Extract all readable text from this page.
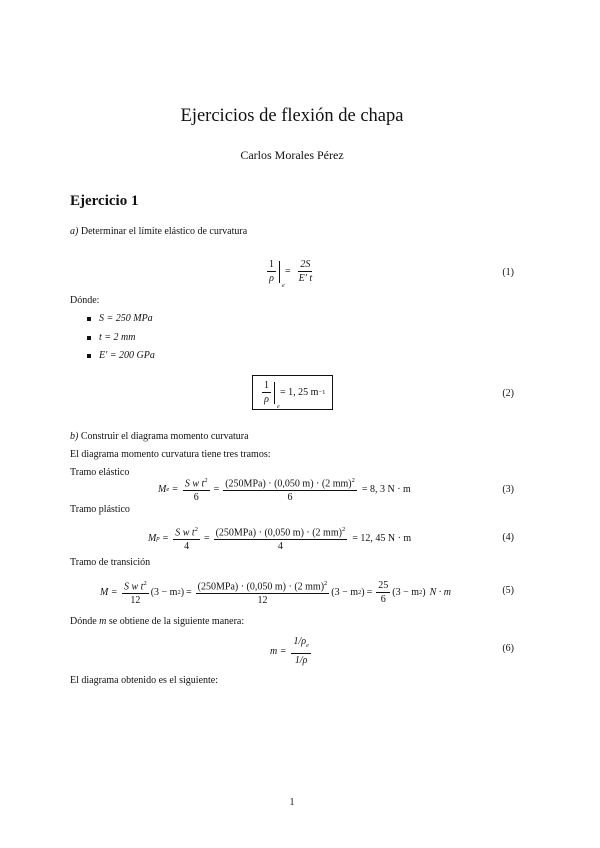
Ejercicios de flexión de chapa
Carlos Morales Pérez
Ejercicio 1
a) Determinar el límite elástico de curvatura
$\frac{1}{\rho}$
e
= $\frac{2S}{E' t}$	(1)
Dónde:
S = 250 MPa
t = 2 mm
E′ = 200 GPa
$\frac{1}{\rho}$
e
= 1, 25 m −1	(2)
b) Construir el diagrama momento curvatura
El diagrama momento curvatura tiene tres tramos:
Tramo elástico
M $e = \frac{S w t^2}{6} = \frac{(250MPa) \cdot (0,050 m) \cdot (2 mm)^2}{6} = 8$, 3 N · m	(3)
Tramo plástico
M $p = \frac{S w t^2}{4} = \frac{(250MPa) \cdot (0,050 m) \cdot (2 mm)^2}{4} = 12$, 45 N · m	(4)
Tramo de transición
$M = \frac{S w t^2}{12} (3 - m$ 2 ) = $\frac{(250MPa) \cdot (0,050 m) \cdot (2 mm)^2}{12} (3 - m$ 2 ) = $\frac{25}{6} (3 - m$ 2 ) N · m	(5)
Dónde m se obtiene de la siguiente manera:
$m = \frac{1/\rho_e}{1/\rho}$	(6)
El diagrama obtenido es el siguiente:
1
